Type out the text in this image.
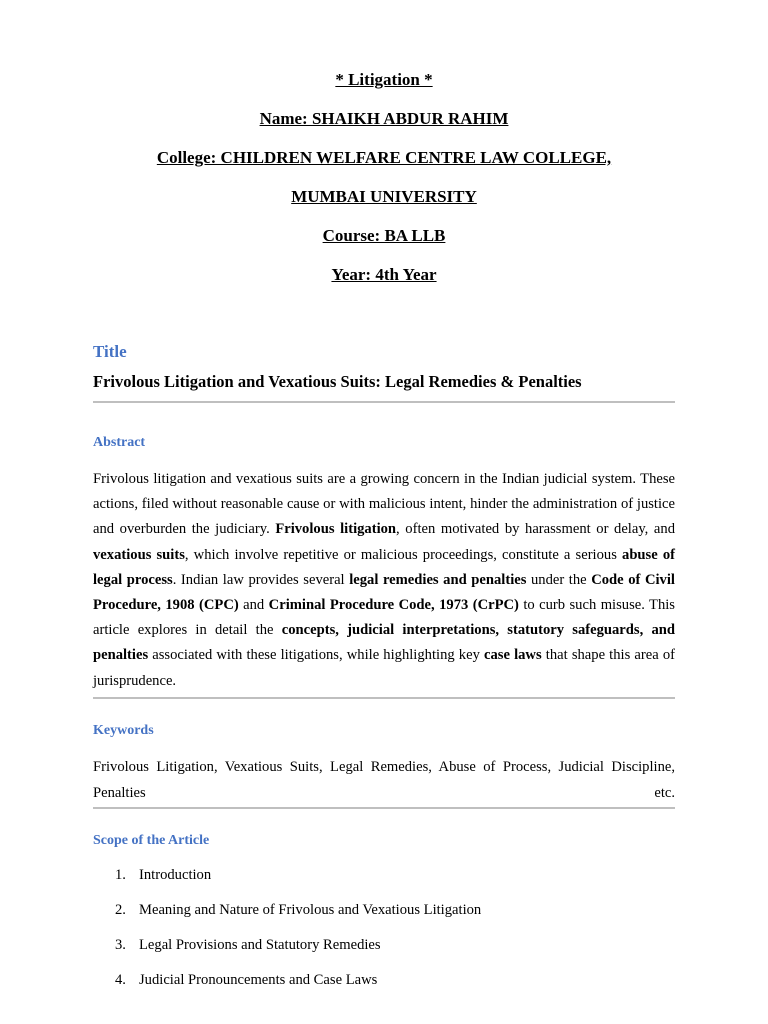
* Litigation *
Name: SHAIKH ABDUR RAHIM
College: CHILDREN WELFARE CENTRE LAW COLLEGE,
MUMBAI UNIVERSITY
Course: BA LLB
Year: 4th Year
Title
Frivolous Litigation and Vexatious Suits: Legal Remedies & Penalties
Abstract
Frivolous litigation and vexatious suits are a growing concern in the Indian judicial system. These actions, filed without reasonable cause or with malicious intent, hinder the administration of justice and overburden the judiciary. Frivolous litigation, often motivated by harassment or delay, and vexatious suits, which involve repetitive or malicious proceedings, constitute a serious abuse of legal process. Indian law provides several legal remedies and penalties under the Code of Civil Procedure, 1908 (CPC) and Criminal Procedure Code, 1973 (CrPC) to curb such misuse. This article explores in detail the concepts, judicial interpretations, statutory safeguards, and penalties associated with these litigations, while highlighting key case laws that shape this area of jurisprudence.
Keywords
Frivolous Litigation, Vexatious Suits, Legal Remedies, Abuse of Process, Judicial Discipline, Penalties etc.
Scope of the Article
1. Introduction
2. Meaning and Nature of Frivolous and Vexatious Litigation
3. Legal Provisions and Statutory Remedies
4. Judicial Pronouncements and Case Laws
